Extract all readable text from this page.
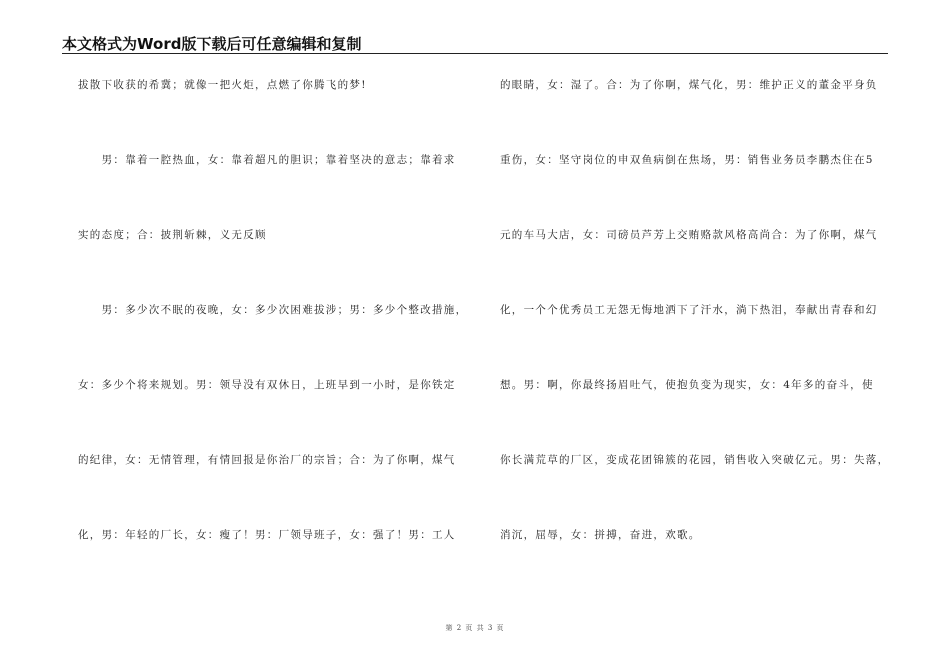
本文格式为Word版下载后可任意编辑和复制
拔散下收获的希冀；就像一把火炬，点燃了你腾飞的梦!
　　男：靠着一腔热血，女：靠着超凡的胆识；靠着坚决的意志；靠着求
实的态度；合：披荆斩棘，义无反顾
　　男：多少次不眠的夜晚，女：多少次困难拔涉；男：多少个整改措施，
女：多少个将来规划。男：领导没有双休日，上班早到一小时，是你铁定
的纪律，女：无情管理，有情回报是你治厂的宗旨；合：为了你啊，煤气
化，男：年轻的厂长，女：瘦了！男：厂领导班子，女：强了！男：工人
的眼睛，女：湿了。合：为了你啊，煤气化，男：维护正义的董金平身负
重伤，女：坚守岗位的申双鱼病倒在焦场，男：销售业务员李鹏杰住在5
元的车马大店，女：司磅员芦芳上交贿赂款风格高尚合：为了你啊，煤气
化，一个个优秀员工无怨无悔地洒下了汗水，淌下热泪，奉献出青春和幻
想。男：啊，你最终扬眉吐气，使抱负变为现实，女：4年多的奋斗，使
你长满荒草的厂区，变成花团锦簇的花园，销售收入突破亿元。男：失落，
消沉，屈辱，女：拼搏，奋进，欢歌。
第 2 页 共 3 页
